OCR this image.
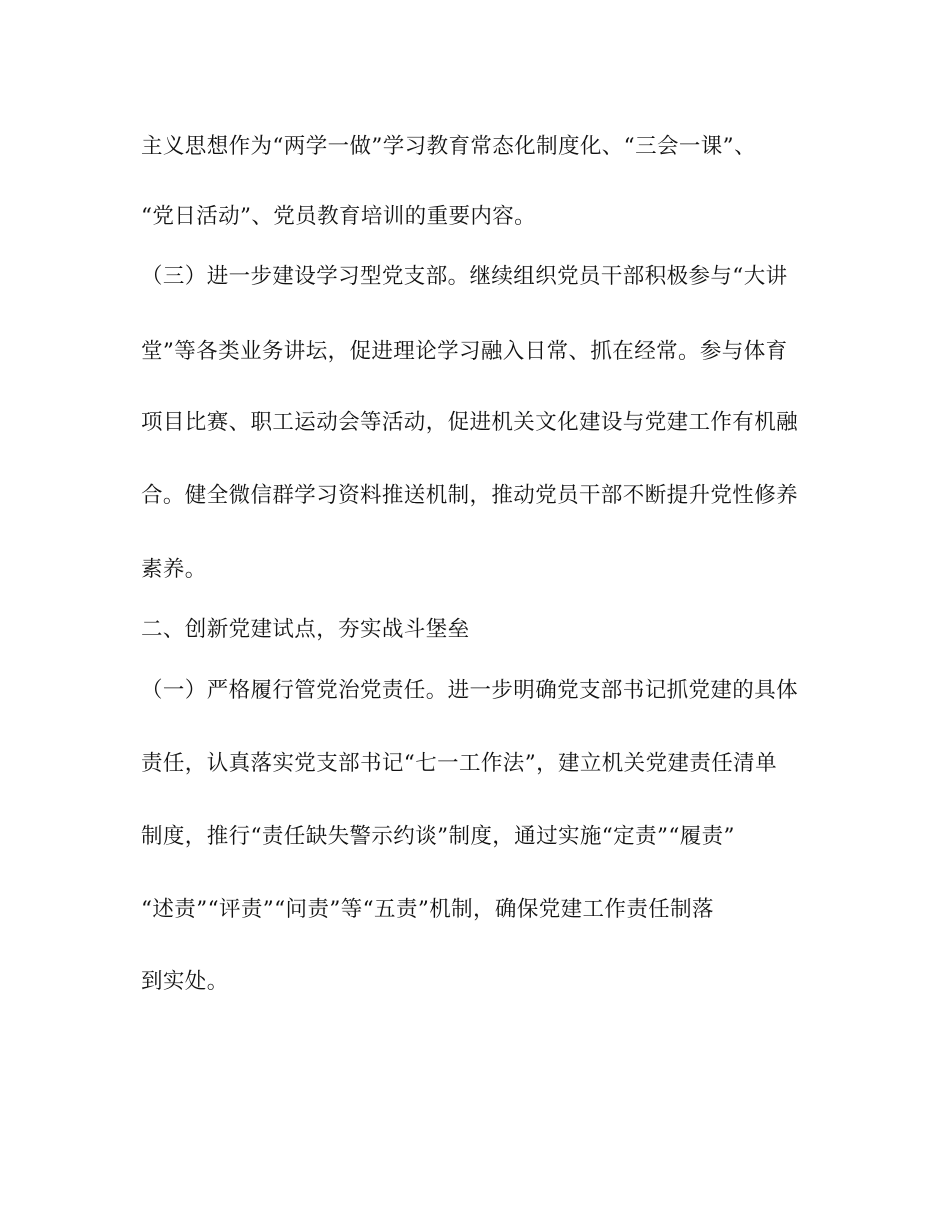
主义思想作为“两学一做”学习教育常态化制度化、“三会一课”、
“党日活动”、党员教育培训的重要内容。
（三）进一步建设学习型党支部。继续组织党员干部积极参与“大讲
堂”等各类业务讲坛，促进理论学习融入日常、抓在经常。参与体育
项目比赛、职工运动会等活动，促进机关文化建设与党建工作有机融
合。健全微信群学习资料推送机制，推动党员干部不断提升党性修养
素养。
二、创新党建试点，夯实战斗堡垒
（一）严格履行管党治党责任。进一步明确党支部书记抓党建的具体
责任，认真落实党支部书记“七一工作法”，建立机关党建责任清单
制度，推行“责任缺失警示约谈”制度，通过实施“定责”“履责”
“述责”“评责”“问责”等“五责”机制，确保党建工作责任制落
到实处。
